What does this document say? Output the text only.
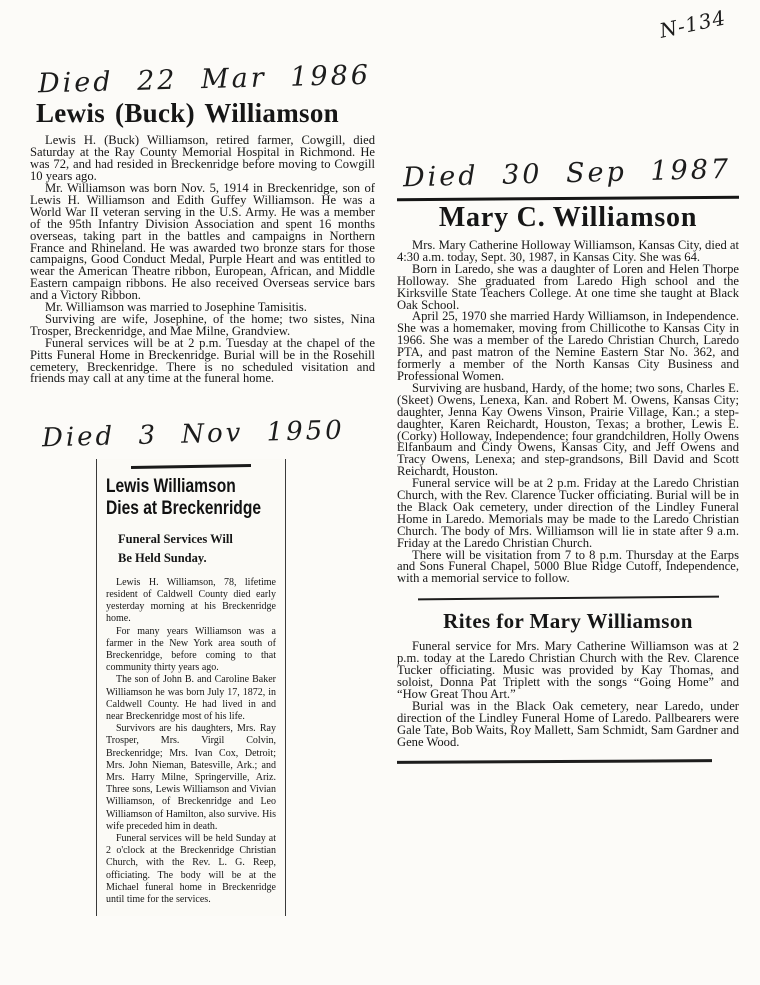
N-134
Died 22 Mar 1986
Lewis (Buck) Williamson

Lewis H. (Buck) Williamson, retired farmer, Cowgill, died Saturday at the Ray County Memorial Hospital in Richmond. He was 72, and had resided in Breckenridge before moving to Cowgill 10 years ago.

Mr. Williamson was born Nov. 5, 1914 in Breckenridge, son of Lewis H. Williamson and Edith Guffey Williamson. He was a World War II veteran serving in the U.S. Army. He was a member of the 95th Infantry Division Association and spent 16 months overseas, taking part in the battles and campaigns in Northern France and Rhineland. He was awarded two bronze stars for those campaigns, Good Conduct Medal, Purple Heart and was entitled to wear the American Theatre ribbon, European, African, and Middle Eastern campaign ribbons. He also received Overseas service bars and a Victory Ribbon.

Mr. Williamson was married to Josephine Tamisitis.

Surviving are wife, Josephine, of the home; two sistes, Nina Trosper, Breckenridge, and Mae Milne, Grandview.

Funeral services will be at 2 p.m. Tuesday at the chapel of the Pitts Funeral Home in Breckenridge. Burial will be in the Rosehill cemetery, Breckenridge. There is no scheduled visitation and friends may call at any time at the funeral home.

Died 3 Nov 1950
Lewis Williamson
Dies at Breckenridge
Funeral Services Will
Be Held Sunday.

Lewis H. Williamson, 78, lifetime resident of Caldwell County died early yesterday morning at his Breckenridge home.

For many years Williamson was a farmer in the New York area south of Breckenridge, before coming to that community thirty years ago.

The son of John B. and Caroline Baker Williamson he was born July 17, 1872, in Caldwell County. He had lived in and near Breckenridge most of his life.

Survivors are his daughters, Mrs. Ray Trosper, Mrs. Virgil Colvin, Breckenridge; Mrs. Ivan Cox, Detroit; Mrs. John Nieman, Batesville, Ark.; and Mrs. Harry Milne, Springerville, Ariz. Three sons, Lewis Williamson and Vivian Williamson, of Breckenridge and Leo Williamson of Hamilton, also survive. His wife preceded him in death.

Funeral services will be held Sunday at 2 o'clock at the Breckenridge Christian Church, with the Rev. L. G. Reep, officiating. The body will be at the Michael funeral home in Breckenridge until time for the services.

Died 30 Sep 1987
Mary C. Williamson

Mrs. Mary Catherine Holloway Williamson, Kansas City, died at 4:30 a.m. today, Sept. 30, 1987, in Kansas City. She was 64.

Born in Laredo, she was a daughter of Loren and Helen Thorpe Holloway. She graduated from Laredo High school and the Kirksville State Teachers College. At one time she taught at Black Oak School.

April 25, 1970 she married Hardy Williamson, in Independence. She was a homemaker, moving from Chillicothe to Kansas City in 1966. She was a member of the Laredo Christian Church, Laredo PTA, and past matron of the Nemine Eastern Star No. 362, and formerly a member of the North Kansas City Business and Professional Women.

Surviving are husband, Hardy, of the home; two sons, Charles E. (Skeet) Owens, Lenexa, Kan. and Robert M. Owens, Kansas City; daughter, Jenna Kay Owens Vinson, Prairie Village, Kan.; a step-daughter, Karen Reichardt, Houston, Texas; a brother, Lewis E. (Corky) Holloway, Independence; four grandchildren, Holly Owens Elfanbaum and Cindy Owens, Kansas City, and Jeff Owens and Tracy Owens, Lenexa; and step-grandsons, Bill David and Scott Reichardt, Houston.

Funeral service will be at 2 p.m. Friday at the Laredo Christian Church, with the Rev. Clarence Tucker officiating. Burial will be in the Black Oak cemetery, under direction of the Lindley Funeral Home in Laredo. Memorials may be made to the Laredo Christian Church. The body of Mrs. Williamson will lie in state after 9 a.m. Friday at the Laredo Christian Church.

There will be visitation from 7 to 8 p.m. Thursday at the Earps and Sons Funeral Chapel, 5000 Blue Ridge Cutoff, Independence, with a memorial service to follow.

Rites for Mary Williamson

Funeral service for Mrs. Mary Catherine Williamson was at 2 p.m. today at the Laredo Christian Church with the Rev. Clarence Tucker officiating. Music was provided by Kay Thomas, and soloist, Donna Pat Triplett with the songs “Going Home” and “How Great Thou Art.”

Burial was in the Black Oak cemetery, near Laredo, under direction of the Lindley Funeral Home of Laredo. Pallbearers were Gale Tate, Bob Waits, Roy Mallett, Sam Schmidt, Sam Gardner and Gene Wood.
